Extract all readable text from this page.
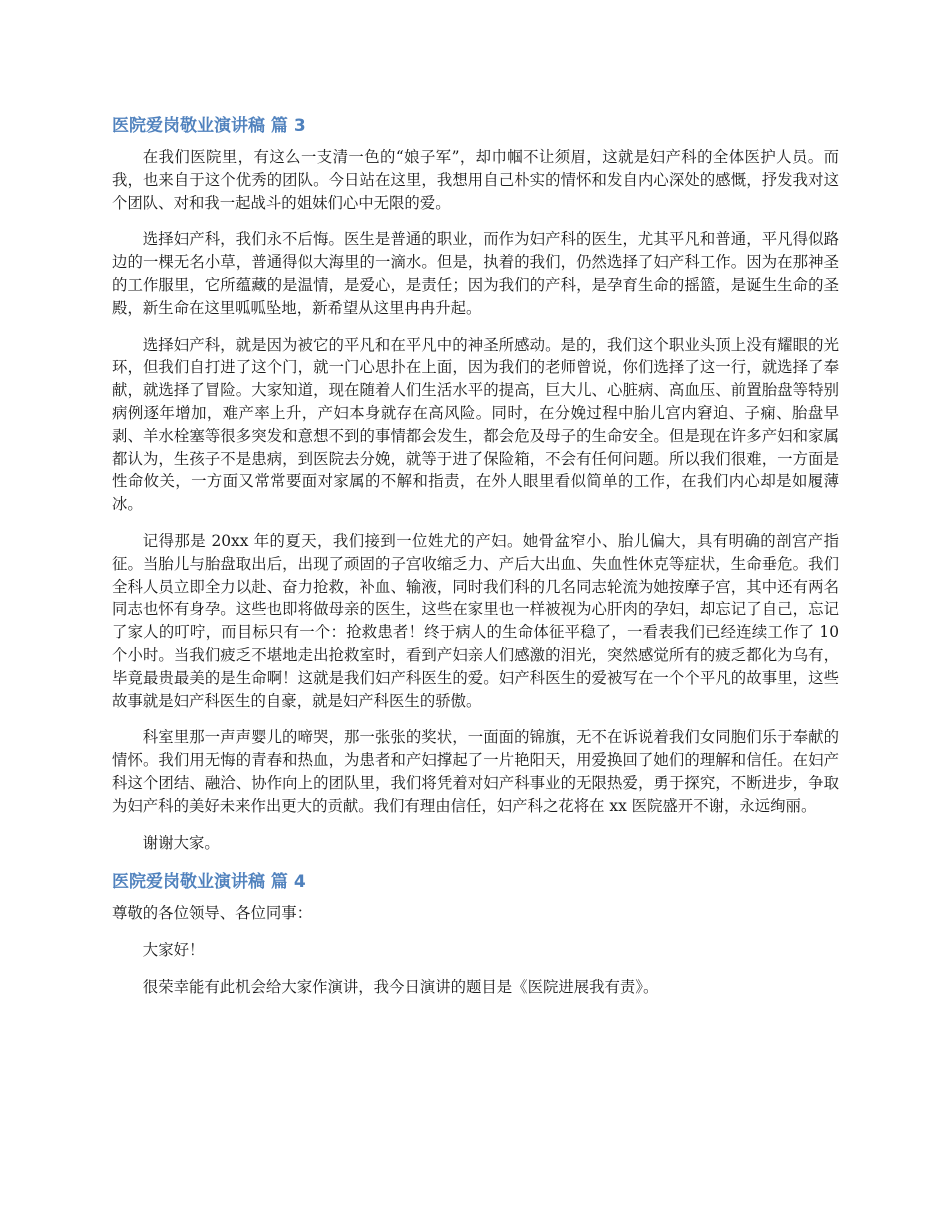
医院爱岗敬业演讲稿 篇 3

在我们医院里，有这么一支清一色的“娘子军”，却巾帼不让须眉，这就是妇产科的全体医护人员。而我，也来自于这个优秀的团队。今日站在这里，我想用自己朴实的情怀和发自内心深处的感慨，抒发我对这个团队、对和我一起战斗的姐妹们心中无限的爱。

选择妇产科，我们永不后悔。医生是普通的职业，而作为妇产科的医生，尤其平凡和普通，平凡得似路边的一棵无名小草，普通得似大海里的一滴水。但是，执着的我们，仍然选择了妇产科工作。因为在那神圣的工作服里，它所蕴藏的是温情，是爱心，是责任；因为我们的产科，是孕育生命的摇篮，是诞生生命的圣殿，新生命在这里呱呱坠地，新希望从这里冉冉升起。

选择妇产科，就是因为被它的平凡和在平凡中的神圣所感动。是的，我们这个职业头顶上没有耀眼的光环，但我们自打进了这个门，就一门心思扑在上面，因为我们的老师曾说，你们选择了这一行，就选择了奉献，就选择了冒险。大家知道，现在随着人们生活水平的提高，巨大儿、心脏病、高血压、前置胎盘等特别病例逐年增加，难产率上升，产妇本身就存在高风险。同时，在分娩过程中胎儿宫内窘迫、子痫、胎盘早剥、羊水栓塞等很多突发和意想不到的事情都会发生，都会危及母子的生命安全。但是现在许多产妇和家属都认为，生孩子不是患病，到医院去分娩，就等于进了保险箱，不会有任何问题。所以我们很难，一方面是性命攸关，一方面又常常要面对家属的不解和指责，在外人眼里看似简单的工作，在我们内心却是如履薄冰。

记得那是 20xx 年的夏天，我们接到一位姓尤的产妇。她骨盆窄小、胎儿偏大，具有明确的剖宫产指征。当胎儿与胎盘取出后，出现了顽固的子宫收缩乏力、产后大出血、失血性休克等症状，生命垂危。我们全科人员立即全力以赴、奋力抢救，补血、输液，同时我们科的几名同志轮流为她按摩子宫，其中还有两名同志也怀有身孕。这些也即将做母亲的医生，这些在家里也一样被视为心肝肉的孕妇，却忘记了自己，忘记了家人的叮咛，而目标只有一个：抢救患者！终于病人的生命体征平稳了，一看表我们已经连续工作了 10 个小时。当我们疲乏不堪地走出抢救室时，看到产妇亲人们感激的泪光，突然感觉所有的疲乏都化为乌有，毕竟最贵最美的是生命啊！这就是我们妇产科医生的爱。妇产科医生的爱被写在一个个平凡的故事里，这些故事就是妇产科医生的自豪，就是妇产科医生的骄傲。

科室里那一声声婴儿的啼哭，那一张张的奖状，一面面的锦旗，无不在诉说着我们女同胞们乐于奉献的情怀。我们用无悔的青春和热血，为患者和产妇撑起了一片艳阳天，用爱换回了她们的理解和信任。在妇产科这个团结、融洽、协作向上的团队里，我们将凭着对妇产科事业的无限热爱，勇于探究，不断进步，争取为妇产科的美好未来作出更大的贡献。我们有理由信任，妇产科之花将在 xx 医院盛开不谢，永远绚丽。

谢谢大家。

医院爱岗敬业演讲稿 篇 4

尊敬的各位领导、各位同事：

大家好！

很荣幸能有此机会给大家作演讲，我今日演讲的题目是《医院进展我有责》。
